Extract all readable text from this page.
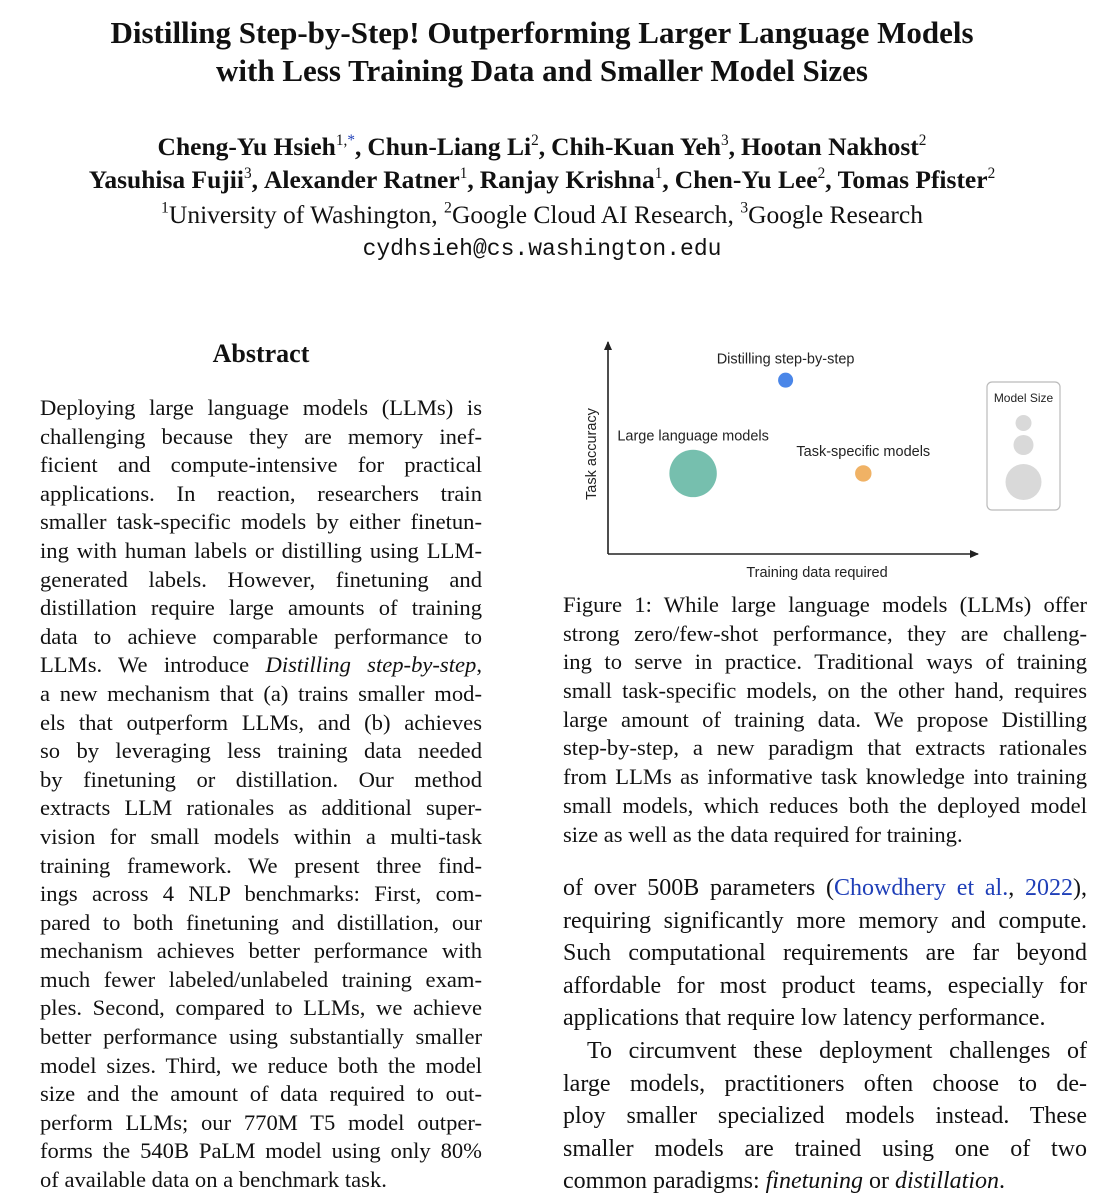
Distilling Step-by-Step! Outperforming Larger Language Models
with Less Training Data and Smaller Model Sizes
Cheng-Yu Hsieh$^{1,*}$, Chun-Liang Li$^2$, Chih-Kuan Yeh$^3$, Hootan Nakhost$^2$
Yasuhisa Fujii$^3$, Alexander Ratner$^1$, Ranjay Krishna$^1$, Chen-Yu Lee$^2$, Tomas Pfister$^2$
$^1$University of Washington, $^2$Google Cloud AI Research, $^3$Google Research
cydhsieh@cs.washington.edu
Abstract
Deploying large language models (LLMs) is
challenging because they are memory inef-
ficient and compute-intensive for practical
applications. In reaction, researchers train
smaller task-specific models by either finetun-
ing with human labels or distilling using LLM-
generated labels. However, finetuning and
distillation require large amounts of training
data to achieve comparable performance to
LLMs. We introduce Distilling step-by-step,
a new mechanism that (a) trains smaller mod-
els that outperform LLMs, and (b) achieves
so by leveraging less training data needed
by finetuning or distillation. Our method
extracts LLM rationales as additional super-
vision for small models within a multi-task
training framework. We present three find-
ings across 4 NLP benchmarks: First, com-
pared to both finetuning and distillation, our
mechanism achieves better performance with
much fewer labeled/unlabeled training exam-
ples. Second, compared to LLMs, we achieve
better performance using substantially smaller
model sizes. Third, we reduce both the model
size and the amount of data required to out-
perform LLMs; our 770M T5 model outper-
forms the 540B PaLM model using only 80%
of available data on a benchmark task.
Training data required
Task accuracy
Distilling step-by-step
Large language models
Task-specific models
Model Size
Figure 1: While large language models (LLMs) offer
strong zero/few-shot performance, they are challeng-
ing to serve in practice. Traditional ways of training
small task-specific models, on the other hand, requires
large amount of training data. We propose Distilling
step-by-step, a new paradigm that extracts rationales
from LLMs as informative task knowledge into training
small models, which reduces both the deployed model
size as well as the data required for training.
of over 500B parameters (Chowdhery et al., 2022),
requiring significantly more memory and compute.
Such computational requirements are far beyond
affordable for most product teams, especially for
applications that require low latency performance.
To circumvent these deployment challenges of
large models, practitioners often choose to de-
ploy smaller specialized models instead. These
smaller models are trained using one of two
common paradigms: finetuning or distillation.
